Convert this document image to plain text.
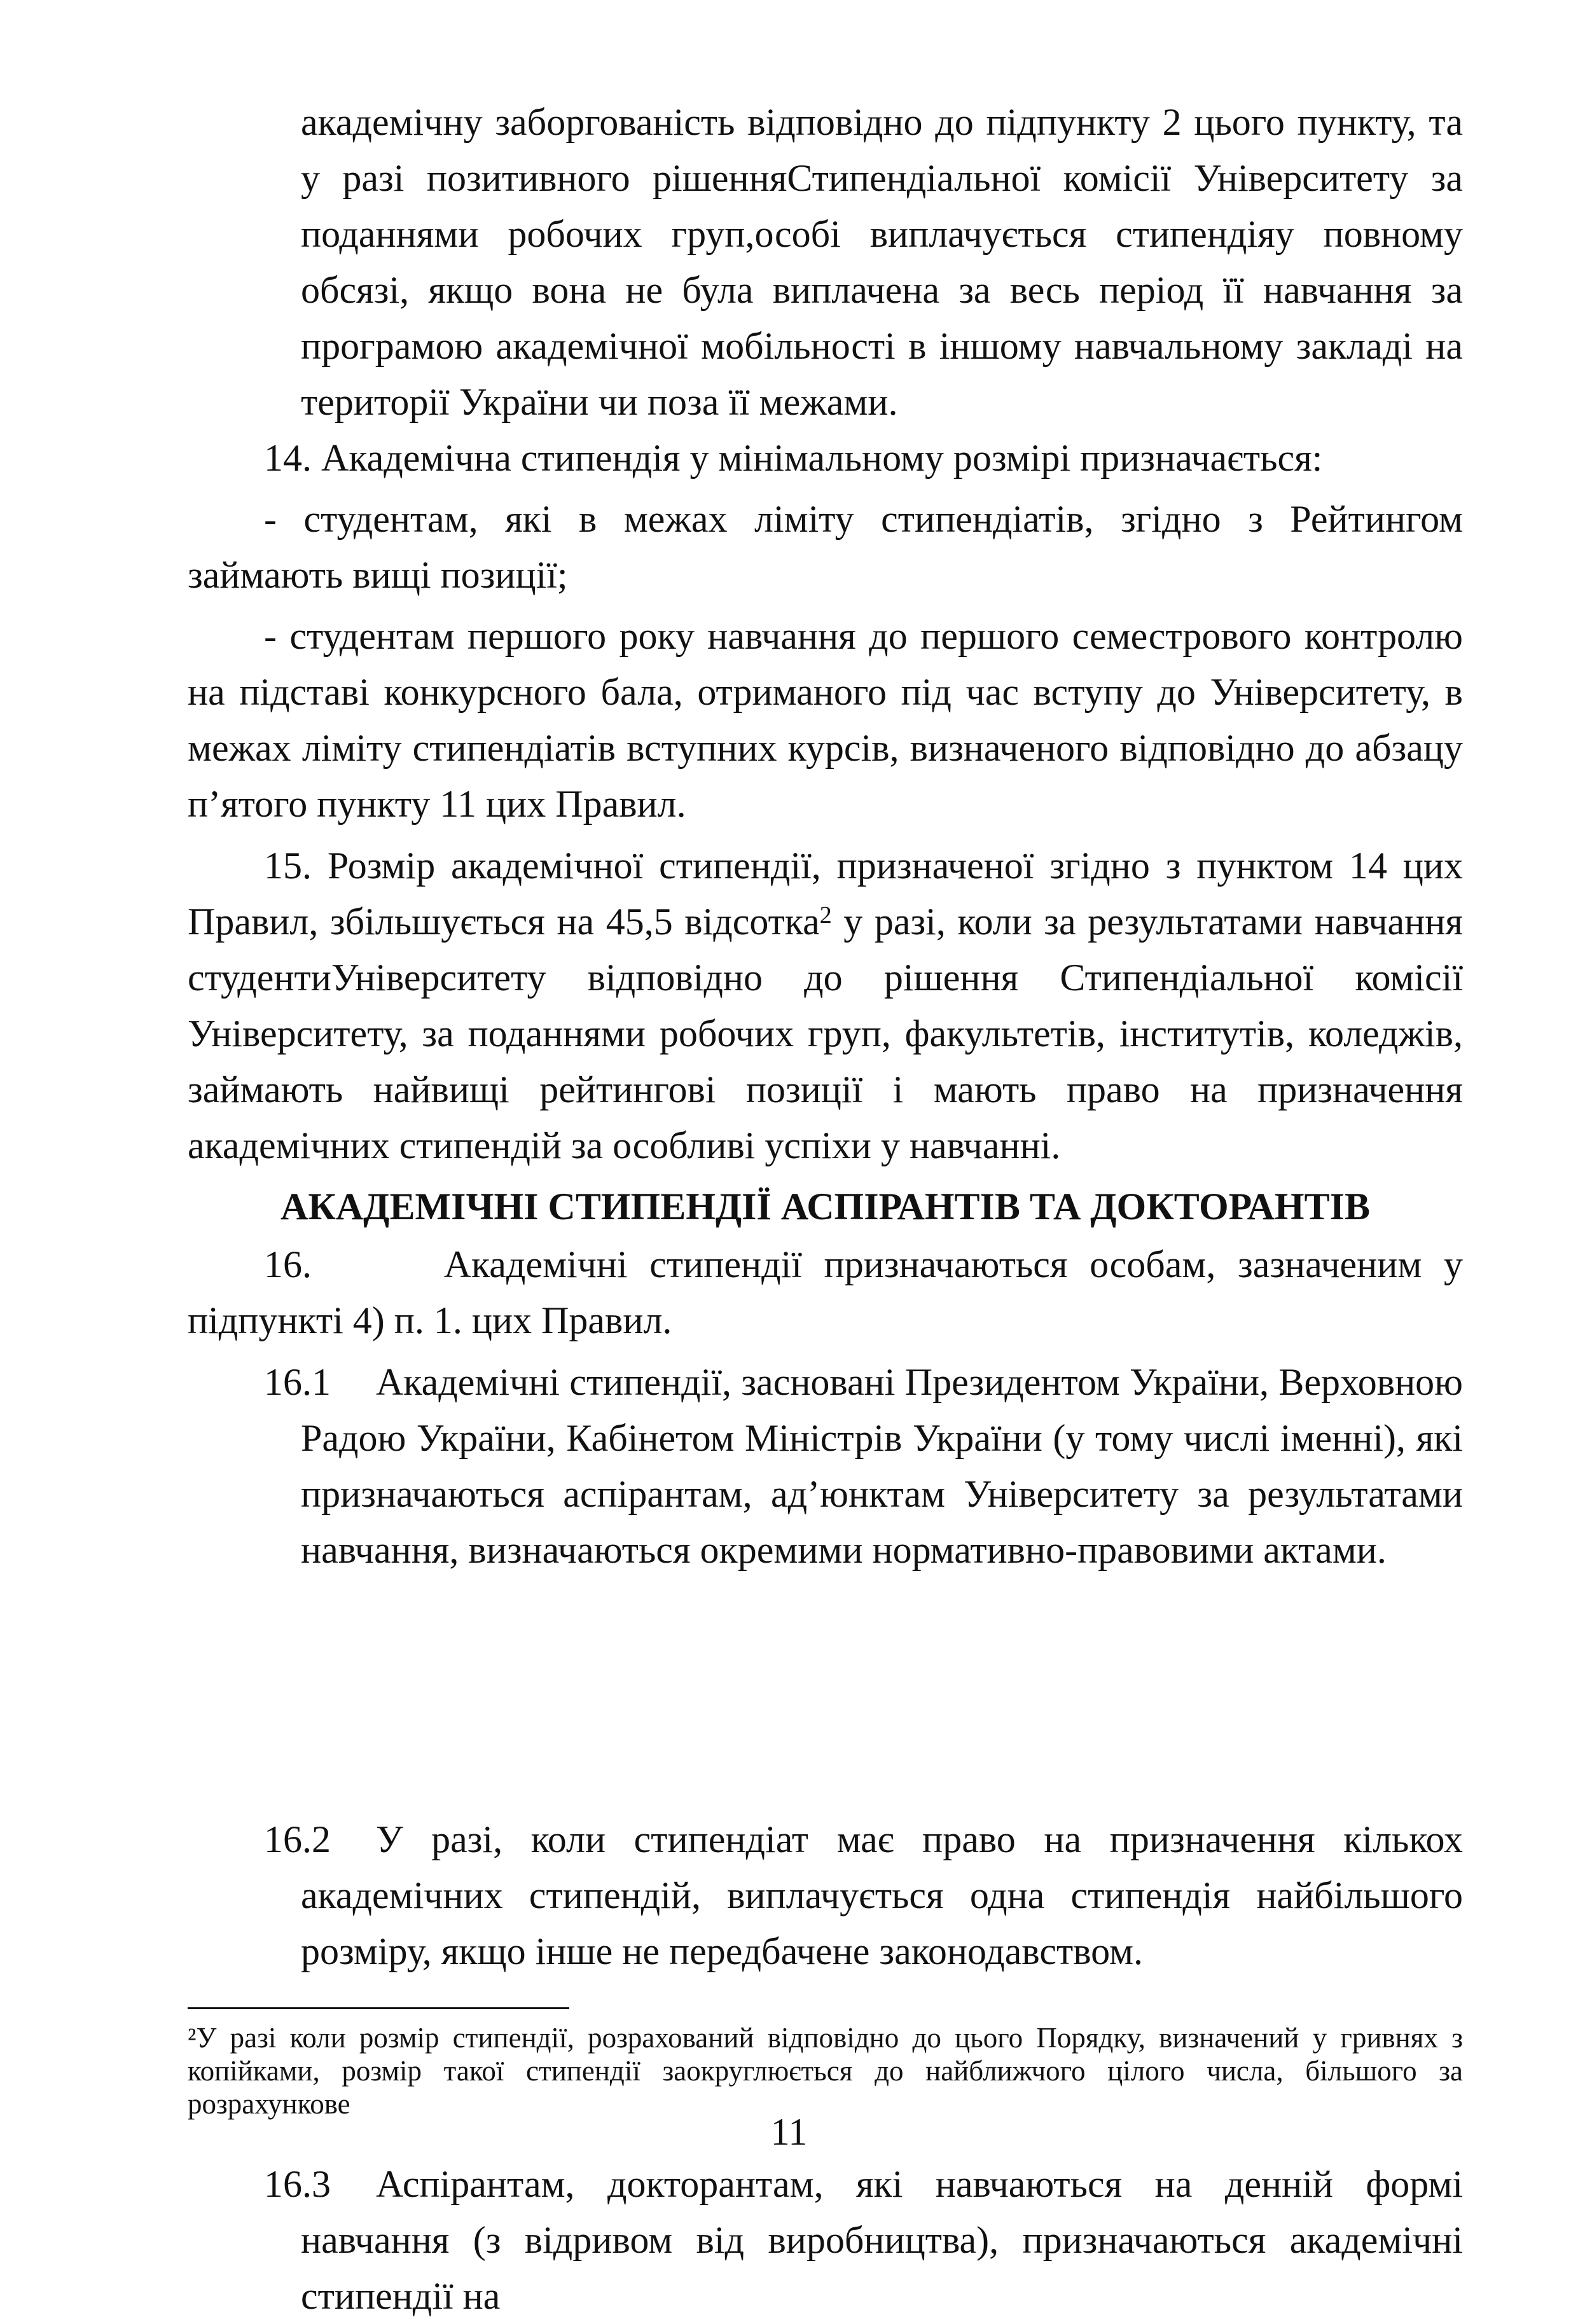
академічну заборгованість відповідно до підпункту 2 цього пункту, та у разі позитивного рішенняСтипендіальної комісії Університету за поданнями робочих груп,особі виплачується стипендіяу повному обсязі, якщо вона не була виплачена за весь період її навчання за програмою академічної мобільності в іншому навчальному закладі на території України чи поза її межами.

14. Академічна стипендія у мінімальному розмірі призначається:

- студентам, які в межах ліміту стипендіатів, згідно з Рейтингом займають вищі позиції;

- студентам першого року навчання до першого семестрового контролю на підставі конкурсного бала, отриманого під час вступу до Університету, в межах ліміту стипендіатів вступних курсів, визначеного відповідно до абзацу п’ятого пункту 11 цих Правил.

15. Розмір академічної стипендії, призначеної згідно з пунктом 14 цих Правил, збільшується на 45,5 відсотка$^2$ у разі, коли за результатами навчання студентиУніверситету відповідно до рішення Стипендіальної комісії Університету, за поданнями робочих груп, факультетів, інститутів, коледжів, займають найвищі рейтингові позиції і мають право на призначення академічних стипендій за особливі успіхи у навчанні.

АКАДЕМІЧНІ СТИПЕНДІЇ АСПІРАНТІВ ТА ДОКТОРАНТІВ

16.      Академічні стипендії призначаються особам, зазначеним у підпункті 4) п. 1. цих Правил.

16.1	Академічні стипендії, засновані Президентом України, Верховною Радою України, Кабінетом Міністрів України (у тому числі іменні), які призначаються аспірантам, ад’юнктам Університету за результатами навчання, визначаються окремими нормативно-правовими актами.

16.2	У разі, коли стипендіат має право на призначення кількох академічних стипендій, виплачується одна стипендія найбільшого розміру, якщо інше не передбачене законодавством.

16.3	Аспірантам, докторантам, які навчаються на денній формі навчання (з відривом від виробництва), призначаються академічні стипендії на

²У разі коли розмір стипендії, розрахований відповідно до цього Порядку, визначений у гривнях з копійками, розмір такої стипендії заокруглюється до найближчого цілого числа, більшого за розрахункове
11
